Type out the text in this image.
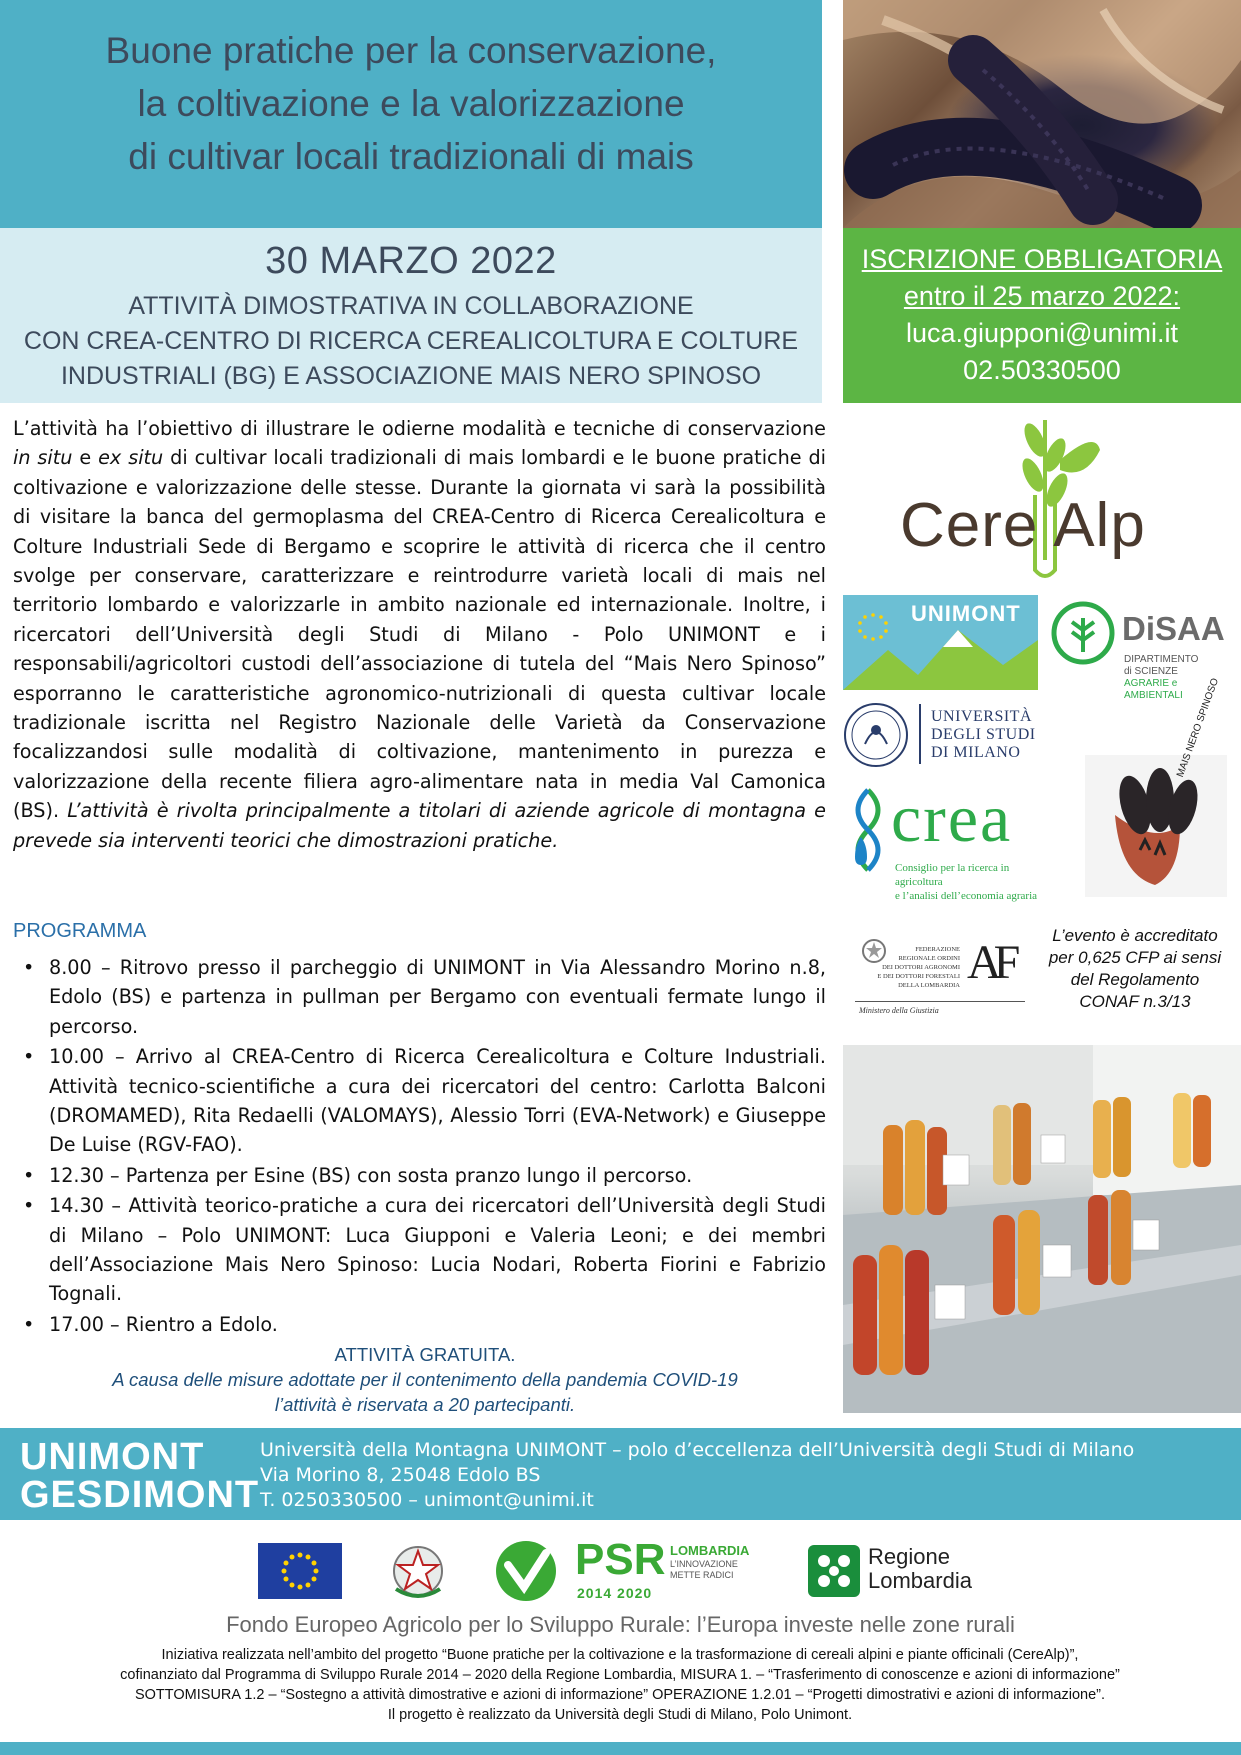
Buone pratiche per la conservazione,
la coltivazione e la valorizzazione
di cultivar locali tradizionali di mais
30 MARZO 2022
ATTIVITÀ DIMOSTRATIVA IN COLLABORAZIONE
CON CREA-CENTRO DI RICERCA CEREALICOLTURA E COLTURE
INDUSTRIALI (BG) E ASSOCIAZIONE MAIS NERO SPINOSO
ISCRIZIONE OBBLIGATORIA
entro il 25 marzo 2022:
luca.giupponi@unimi.it
02.50330500
L’attività ha l’obiettivo di illustrare le odierne modalità e tecniche di conservazione in situ e ex situ di cultivar locali tradizionali di mais lombardi e le buone pratiche di coltivazione e valorizzazione delle stesse. Durante la giornata vi sarà la possibilità di visitare la banca del germoplasma del CREA-Centro di Ricerca Cerealicoltura e Colture Industriali Sede di Bergamo e scoprire le attività di ricerca che il centro svolge per conservare, caratterizzare e reintrodurre varietà locali di mais nel territorio lombardo e valorizzarle in ambito nazionale ed internazionale. Inoltre, i ricercatori dell’Università degli Studi di Milano - Polo UNIMONT e i responsabili/agricoltori custodi dell’associazione di tutela del “Mais Nero Spinoso” esporranno le caratteristiche agronomico-nutrizionali di questa cultivar locale tradizionale iscritta nel Registro Nazionale delle Varietà da Conservazione focalizzandosi sulle modalità di coltivazione, mantenimento in purezza e valorizzazione della recente filiera agro-alimentare nata in media Val Camonica (BS). L’attività è rivolta principalmente a titolari di aziende agricole di montagna e prevede sia interventi teorici che dimostrazioni pratiche.
PROGRAMMA
• 8.00 – Ritrovo presso il parcheggio di UNIMONT in Via Alessandro Morino n.8, Edolo (BS) e partenza in pullman per Bergamo con eventuali fermate lungo il percorso.
• 10.00 – Arrivo al CREA-Centro di Ricerca Cerealicoltura e Colture Industriali. Attività tecnico-scientifiche a cura dei ricercatori del centro: Carlotta Balconi (DROMAMED), Rita Redaelli (VALOMAYS), Alessio Torri (EVA-Network) e Giuseppe De Luise (RGV-FAO).
• 12.30 – Partenza per Esine (BS) con sosta pranzo lungo il percorso.
• 14.30 – Attività teorico-pratiche a cura dei ricercatori dell’Università degli Studi di Milano – Polo UNIMONT: Luca Giupponi e Valeria Leoni; e dei membri dell’Associazione Mais Nero Spinoso: Lucia Nodari, Roberta Fiorini e Fabrizio Tognali.
• 17.00 – Rientro a Edolo.
ATTIVITÀ GRATUITA.
A causa delle misure adottate per il contenimento della pandemia COVID-19
l’attività è riservata a 20 partecipanti.
Cere Alp
UNIMONT	DiSAA
DIPARTIMENTO
di SCIENZE
AGRARIE e
AMBIENTALI
UNIVERSITÀ
DEGLI STUDI
DI MILANO	MAIS NERO SPINOSO
crea
Consiglio per la ricerca in agricoltura
e l’analisi dell’economia agraria
FEDERAZIONE
REGIONALE ORDINI
DEI DOTTORI AGRONOMI
E DEI DOTTORI FORESTALI
DELLA LOMBARDIA AF
Ministero della Giustizia
L’evento è accreditato
per 0,625 CFP ai sensi
del Regolamento
CONAF n.3/13
UNIMONT
GESDIMONT
Università della Montagna UNIMONT – polo d’eccellenza dell’Università degli Studi di Milano
Via Morino 8, 25048 Edolo BS
T. 0250330500 – unimont@unimi.it
PSR
2014 2020
LOMBARDIA
L’INNOVAZIONE
METTE RADICI
Regione
Lombardia
Fondo Europeo Agricolo per lo Sviluppo Rurale: l’Europa investe nelle zone rurali
Iniziativa realizzata nell’ambito del progetto “Buone pratiche per la coltivazione e la trasformazione di cereali alpini e piante officinali (CereAlp)”,
cofinanziato dal Programma di Sviluppo Rurale 2014 – 2020 della Regione Lombardia, MISURA 1. – “Trasferimento di conoscenze e azioni di informazione”
SOTTOMISURA 1.2 – “Sostegno a attività dimostrative e azioni di informazione” OPERAZIONE 1.2.01 – “Progetti dimostrativi e azioni di informazione”.
Il progetto è realizzato da Università degli Studi di Milano, Polo Unimont.
